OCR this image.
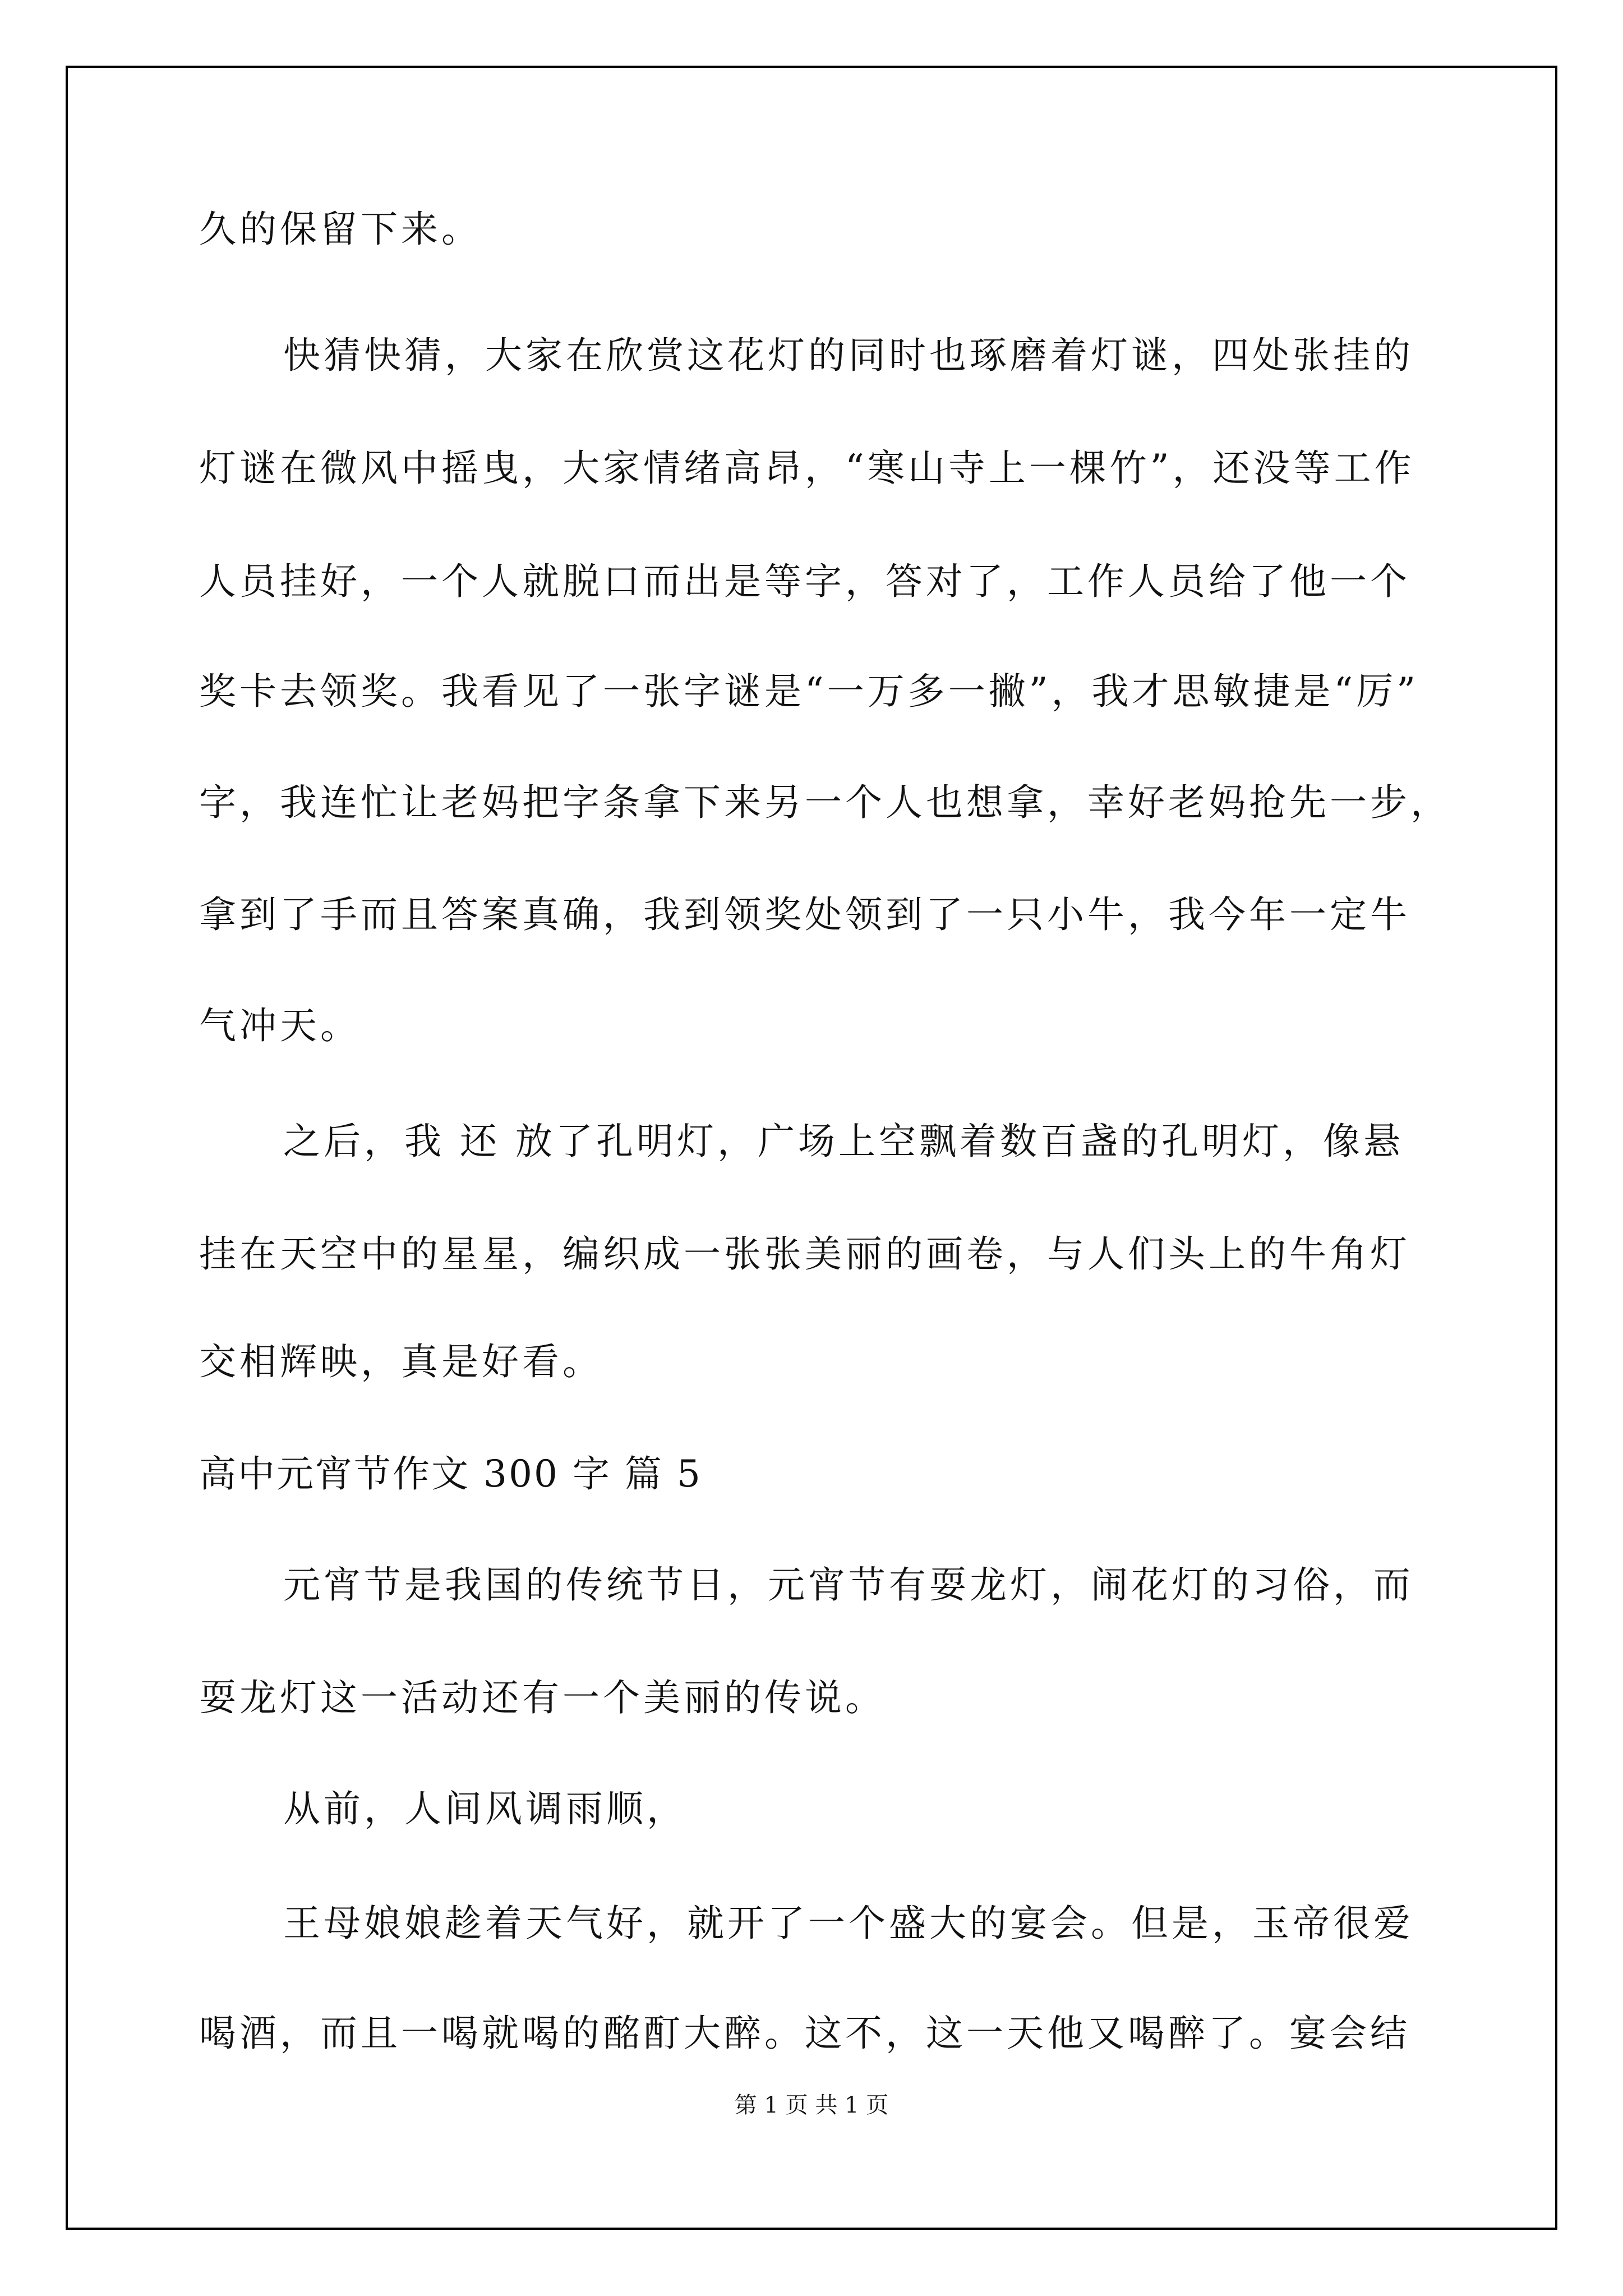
久的保留下来。
快猜快猜，大家在欣赏这花灯的同时也琢磨着灯谜，四处张挂的
灯谜在微风中摇曳，大家情绪高昂，“寒山寺上一棵竹”，还没等工作
人员挂好，一个人就脱口而出是等字，答对了，工作人员给了他一个
奖卡去领奖。我看见了一张字谜是“一万多一撇”，我才思敏捷是“厉”
字，我连忙让老妈把字条拿下来另一个人也想拿，幸好老妈抢先一步，
拿到了手而且答案真确，我到领奖处领到了一只小牛，我今年一定牛
气冲天。
之后，我 还 放了孔明灯，广场上空飘着数百盏的孔明灯，像悬
挂在天空中的星星，编织成一张张美丽的画卷，与人们头上的牛角灯
交相辉映，真是好看。
高中元宵节作文 300 字 篇 5
元宵节是我国的传统节日，元宵节有耍龙灯，闹花灯的习俗，而
耍龙灯这一活动还有一个美丽的传说。
从前，人间风调雨顺，
王母娘娘趁着天气好，就开了一个盛大的宴会。但是，玉帝很爱
喝酒，而且一喝就喝的酩酊大醉。这不，这一天他又喝醉了。宴会结
第 1 页 共 1 页
